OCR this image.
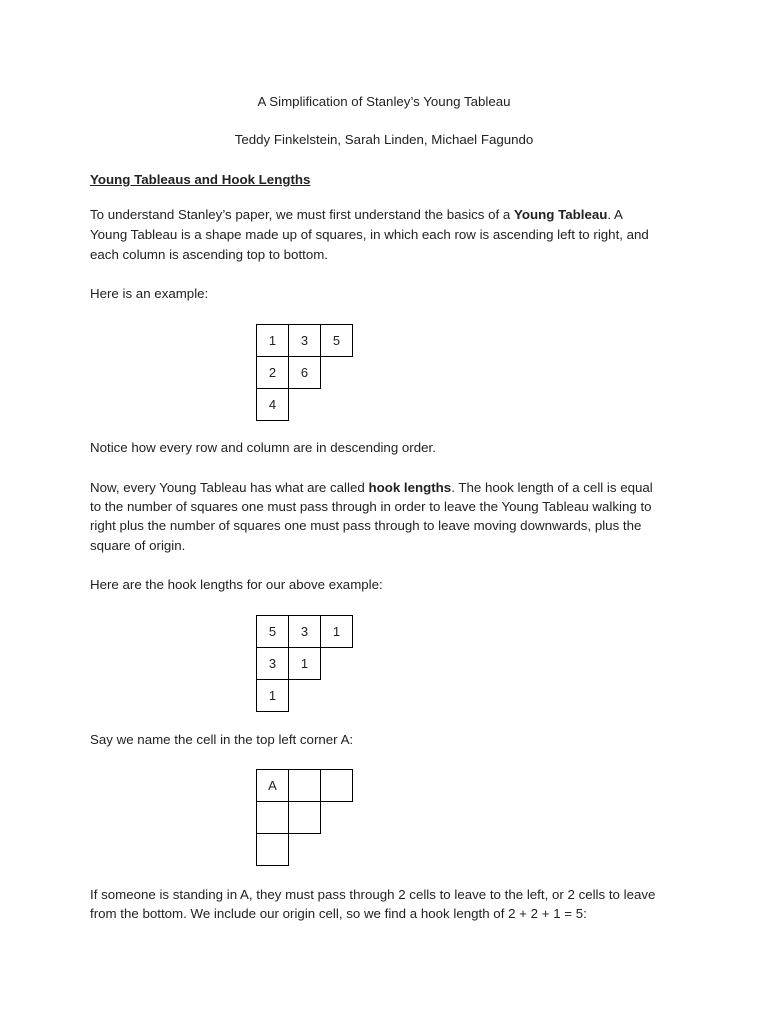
A Simplification of Stanley’s Young Tableau
Teddy Finkelstein, Sarah Linden, Michael Fagundo
Young Tableaus and Hook Lengths
To understand Stanley’s paper, we must first understand the basics of a Young Tableau. A
Young Tableau is a shape made up of squares, in which each row is ascending left to right, and
each column is ascending top to bottom.
Here is an example:
1	3	5
2	6
4
Notice how every row and column are in descending order.
Now, every Young Tableau has what are called hook lengths. The hook length of a cell is equal
to the number of squares one must pass through in order to leave the Young Tableau walking to
right plus the number of squares one must pass through to leave moving downwards, plus the
square of origin.
Here are the hook lengths for our above example:
5	3	1
3	1
1
Say we name the cell in the top left corner A:
A
If someone is standing in A, they must pass through 2 cells to leave to the left, or 2 cells to leave
from the bottom. We include our origin cell, so we find a hook length of 2 + 2 + 1 = 5:
